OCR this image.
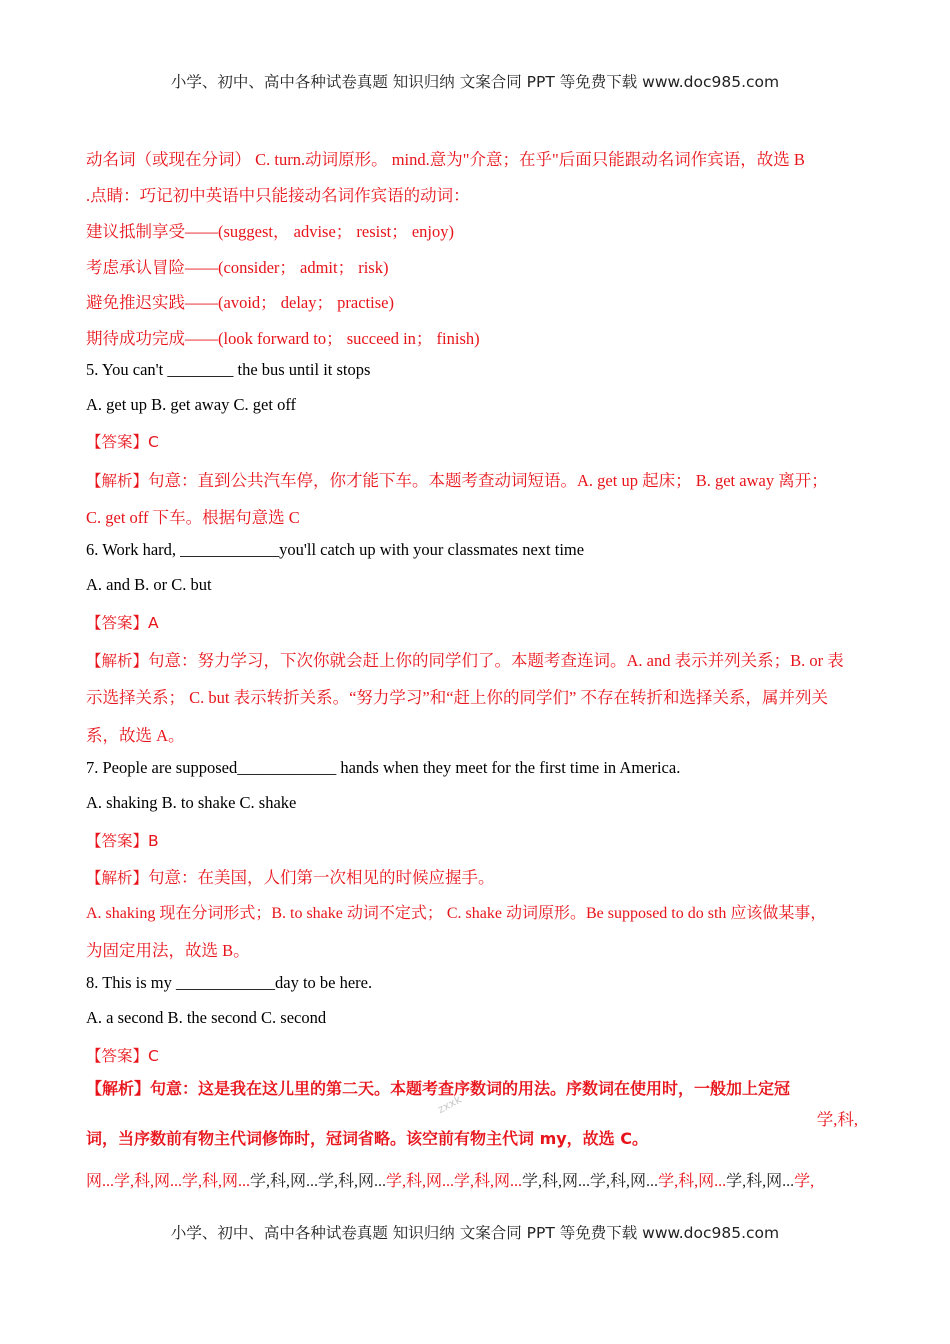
小学、初中、高中各种试卷真题 知识归纳 文案合同 PPT 等免费下载 www.doc985.com
动名词（或现在分词） C. turn.动词原形。 mind.意为"介意；在乎"后面只能跟动名词作宾语，故选 B
.点睛：巧记初中英语中只能接动名词作宾语的动词：
建议抵制享受——(suggest， advise； resist； enjoy)
考虑承认冒险——(consider； admit； risk)
避免推迟实践——(avoid； delay； practise)
期待成功完成——(look forward to； succeed in； finish)
5. You can't ________ the bus until it stops
A. get up B. get away C. get off
【答案】C
【解析】句意：直到公共汽车停，你才能下车。本题考查动词短语。A. get up 起床； B. get away 离开；
C. get off 下车。根据句意选 C
6. Work hard, ____________you'll catch up with your classmates next time
A. and B. or C. but
【答案】A
【解析】句意：努力学习，下次你就会赶上你的同学们了。本题考查连词。A. and 表示并列关系；B. or 表
示选择关系； C. but 表示转折关系。“努力学习”和“赶上你的同学们” 不存在转折和选择关系，属并列关
系，故选 A。
7. People are supposed____________ hands when they meet for the first time in America.
A. shaking B. to shake C. shake
【答案】B
【解析】句意：在美国，人们第一次相见的时候应握手。
A. shaking 现在分词形式；B. to shake 动词不定式； C. shake 动词原形。Be supposed to do sth 应该做某事，
为固定用法，故选 B。
8. This is my ____________day to be here.
A. a second B. the second C. second
【答案】C
【解析】句意：这是我在这儿里的第二天。本题考查序数词的用法。序数词在使用时，一般加上定冠
词，当序数前有物主代词修饰时，冠词省略。该空前有物主代词 my，故选 C。
网...学,科,网...学,科,网...学,科,网...学,科,网...学,科,网...学,科,网...学,科,网...学,科,网...学,科,网...学,科,网...学,
学,科,
zxxk
小学、初中、高中各种试卷真题 知识归纳 文案合同 PPT 等免费下载 www.doc985.com
